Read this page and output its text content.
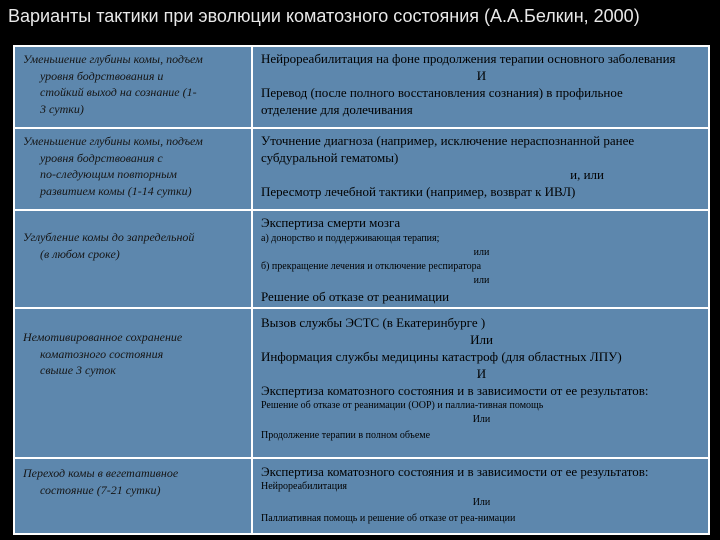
Варианты тактики при эволюции коматозного состояния (А.А.Белкин, 2000)

Уменьшение глубины комы, подъем
уровня бодрствования и
стойкий выход на сознание (1-
3 сутки)

Нейрореабилитация на фоне продолжения терапии основного заболевания

И

Перевод (после полного восстановления сознания) в профильное

отделение для долечивания

Уменьшение глубины комы, подъем
уровня бодрствования с
по-следующим повторным
развитием комы (1-14 сутки)

Уточнение диагноза (например, исключение нераспознанной ранее

субдуральной гематомы)

и, или

Пересмотр лечебной тактики (например, возврат к ИВЛ)

Углубление комы до запредельной
(в любом сроке)

Экспертиза смерти мозга

а) донорство и поддерживающая терапия;

или

б) прекращение лечения и отключение респиратора

или

Решение об отказе от реанимации

Немотивированное сохранение
коматозного состояния
свыше 3 суток

Вызов службы ЭСТС (в Екатеринбурге )

Или

Информация службы медицины катастроф (для областных ЛПУ)

И

Экспертиза коматозного состояния и в зависимости от ее результатов:

Решение об отказе от реанимации (ООР) и паллиа-тивная помощь

Или

Продолжение терапии в полном объеме

Переход комы в вегетативное
состояние (7-21 сутки)

Экспертиза коматозного состояния и в зависимости от ее результатов:

Нейрореабилитация

Или

Паллиативная помощь и решение об отказе от реа-нимации
